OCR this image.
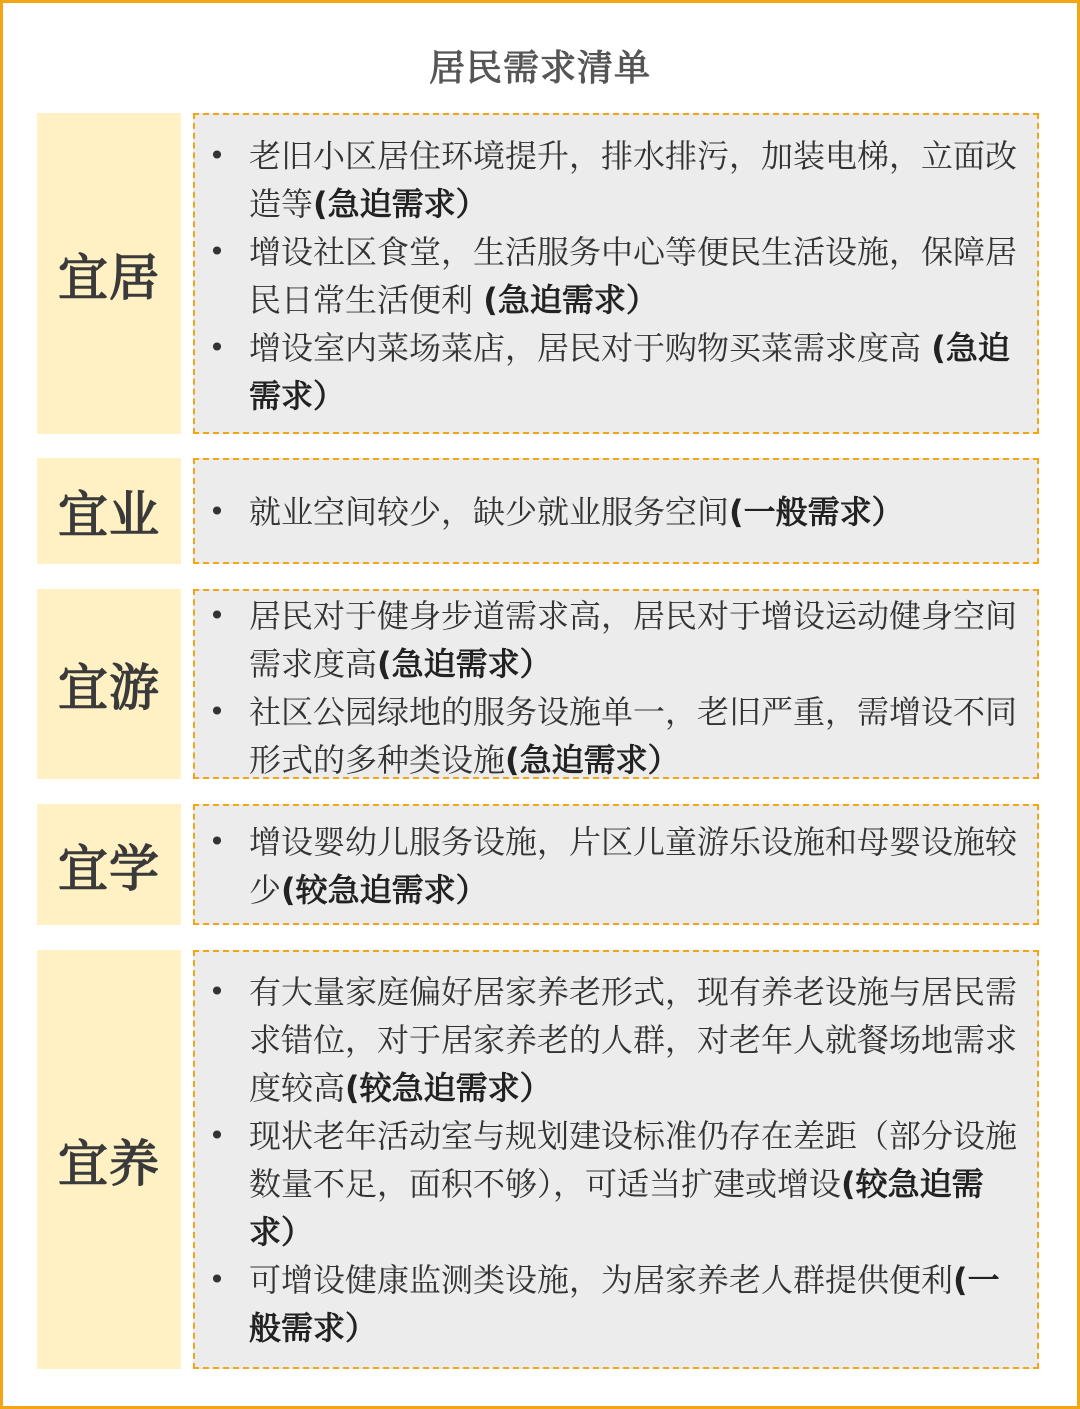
居民需求清单
宜居
• 老旧小区居住环境提升，排水排污，加装电梯，立面改造等(急迫需求）
• 增设社区食堂，生活服务中心等便民生活设施，保障居民日常生活便利 (急迫需求）
• 增设室内菜场菜店，居民对于购物买菜需求度高 (急迫需求）
宜业 • 就业空间较少，缺少就业服务空间(一般需求）
宜游
• 居民对于健身步道需求高，居民对于增设运动健身空间需求度高(急迫需求）
• 社区公园绿地的服务设施单一，老旧严重，需增设不同形式的多种类设施(急迫需求）
宜学 • 增设婴幼儿服务设施，片区儿童游乐设施和母婴设施较少(较急迫需求）
宜养
• 有大量家庭偏好居家养老形式，现有养老设施与居民需求错位，对于居家养老的人群，对老年人就餐场地需求度较高(较急迫需求）
• 现状老年活动室与规划建设标准仍存在差距（部分设施数量不足，面积不够），可适当扩建或增设(较急迫需求）
• 可增设健康监测类设施，为居家养老人群提供便利(一般需求）
